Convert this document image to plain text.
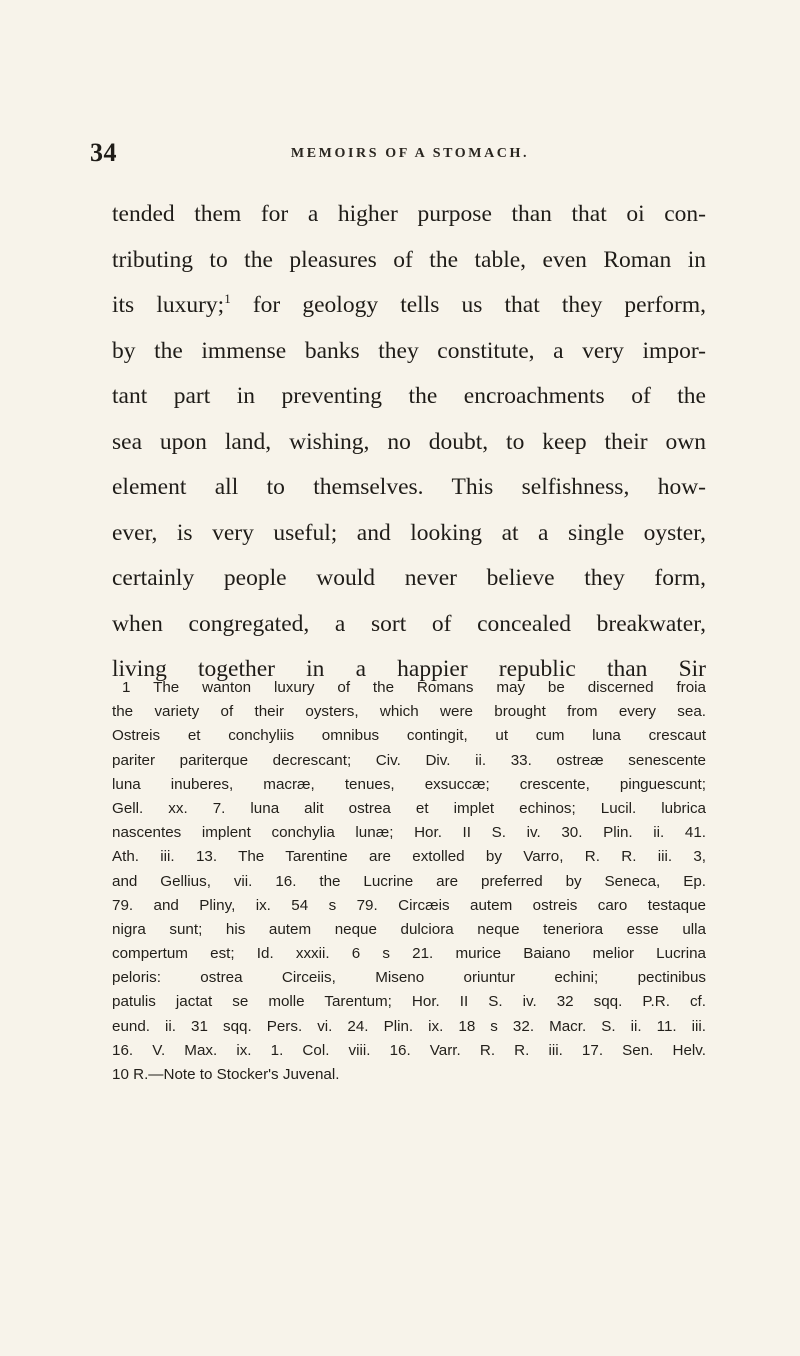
34	MEMOIRS OF A STOMACH.
tended them for a higher purpose than that oi con-
tributing to the pleasures of the table, even Roman in
its luxury;$^1$ for geology tells us that they perform,
by the immense banks they constitute, a very impor-
tant part in preventing the encroachments of the
sea upon land, wishing, no doubt, to keep their own
element all to themselves. This selfishness, how-
ever, is very useful; and looking at a single oyster,
certainly people would never believe they form,
when congregated, a sort of concealed breakwater,
living together in a happier republic than Sir
1 The wanton luxury of the Romans may be discerned froia
the variety of their oysters, which were brought from every sea.
Ostreis et conchyliis omnibus contingit, ut cum luna crescaut
pariter pariterque decrescant; Civ. Div. ii. 33. ostreæ senescente
luna inuberes, macræ, tenues, exsuccæ; crescente, pinguescunt;
Gell. xx. 7. luna alit ostrea et implet echinos; Lucil. lubrica
nascentes implent conchylia lunæ; Hor. II S. iv. 30. Plin. ii. 41.
Ath. iii. 13. The Tarentine are extolled by Varro, R. R. iii. 3,
and Gellius, vii. 16. the Lucrine are preferred by Seneca, Ep.
79. and Pliny, ix. 54 s 79. Circæis autem ostreis caro testaque
nigra sunt; his autem neque dulciora neque teneriora esse ulla
compertum est; Id. xxxii. 6 s 21. murice Baiano melior Lucrina
peloris: ostrea Circeiis, Miseno oriuntur echini; pectinibus
patulis jactat se molle Tarentum; Hor. II S. iv. 32 sqq. P.R. cf.
eund. ii. 31 sqq. Pers. vi. 24. Plin. ix. 18 s 32. Macr. S. ii. 11. iii.
16. V. Max. ix. 1. Col. viii. 16. Varr. R. R. iii. 17. Sen. Helv.
10 R.—Note to Stocker's Juvenal.
